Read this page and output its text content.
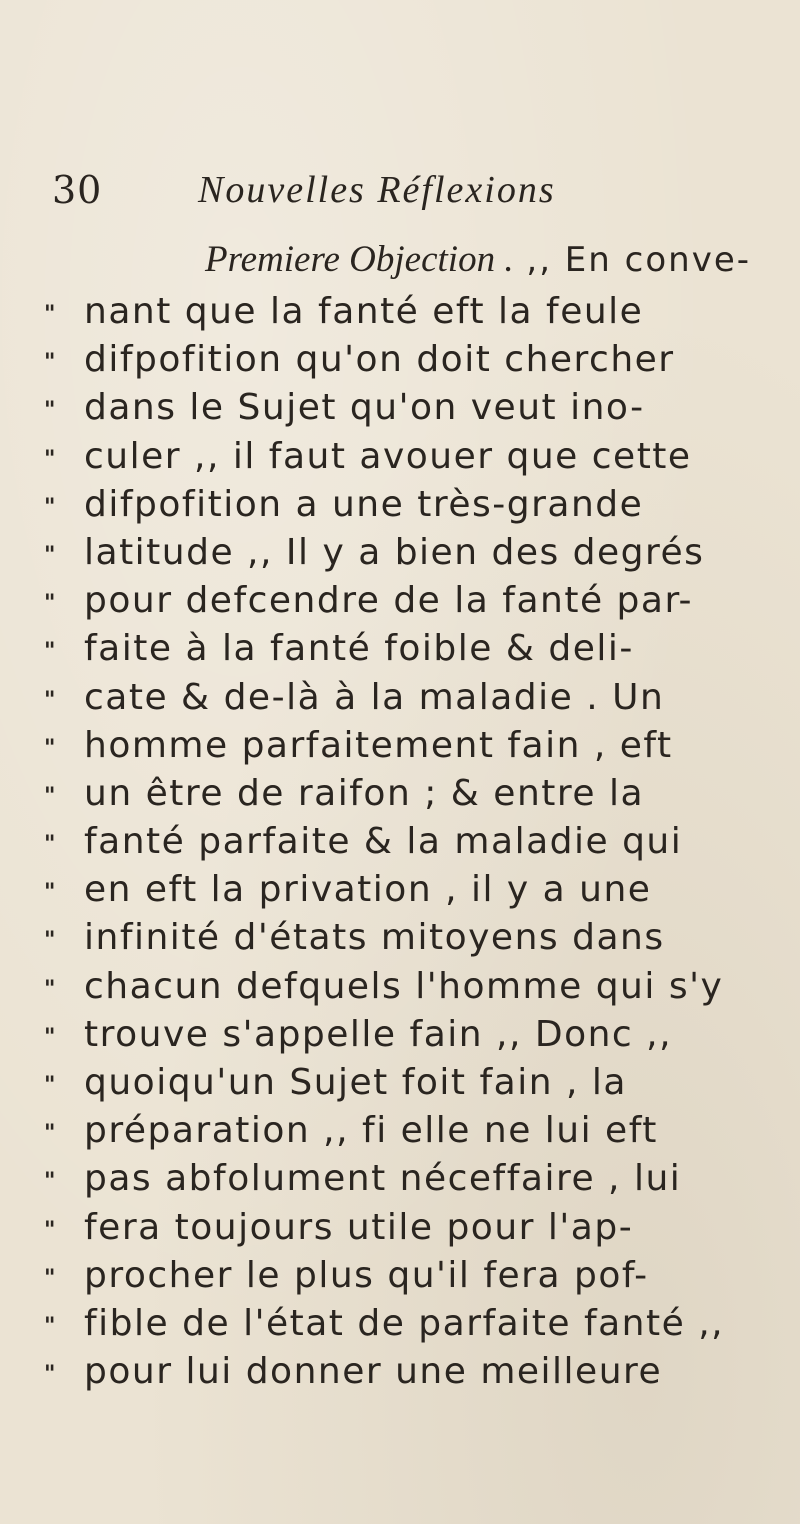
30	Nouvelles Réflexions
Premiere Objection . ,, En conve-
" nant que la fanté eft la feule
" difpofition qu'on doit chercher
" dans le Sujet qu'on veut ino-
" culer ,, il faut avouer que cette
" difpofition a une très-grande
" latitude ,, Il y a bien des degrés
" pour defcendre de la fanté par-
" faite à la fanté foible & deli-
" cate & de-là à la maladie . Un
" homme parfaitement fain , eft
" un être de raifon ; & entre la
" fanté parfaite & la maladie qui
" en eft la privation , il y a une
" infinité d'états mitoyens dans
" chacun defquels l'homme qui s'y
" trouve s'appelle fain ,, Donc ,,
" quoiqu'un Sujet foit fain , la
" préparation ,, fi elle ne lui eft
" pas abfolument néceffaire , lui
" fera toujours utile pour l'ap-
" procher le plus qu'il fera pof-
" fible de l'état de parfaite fanté ,,
" pour lui donner une meilleure
